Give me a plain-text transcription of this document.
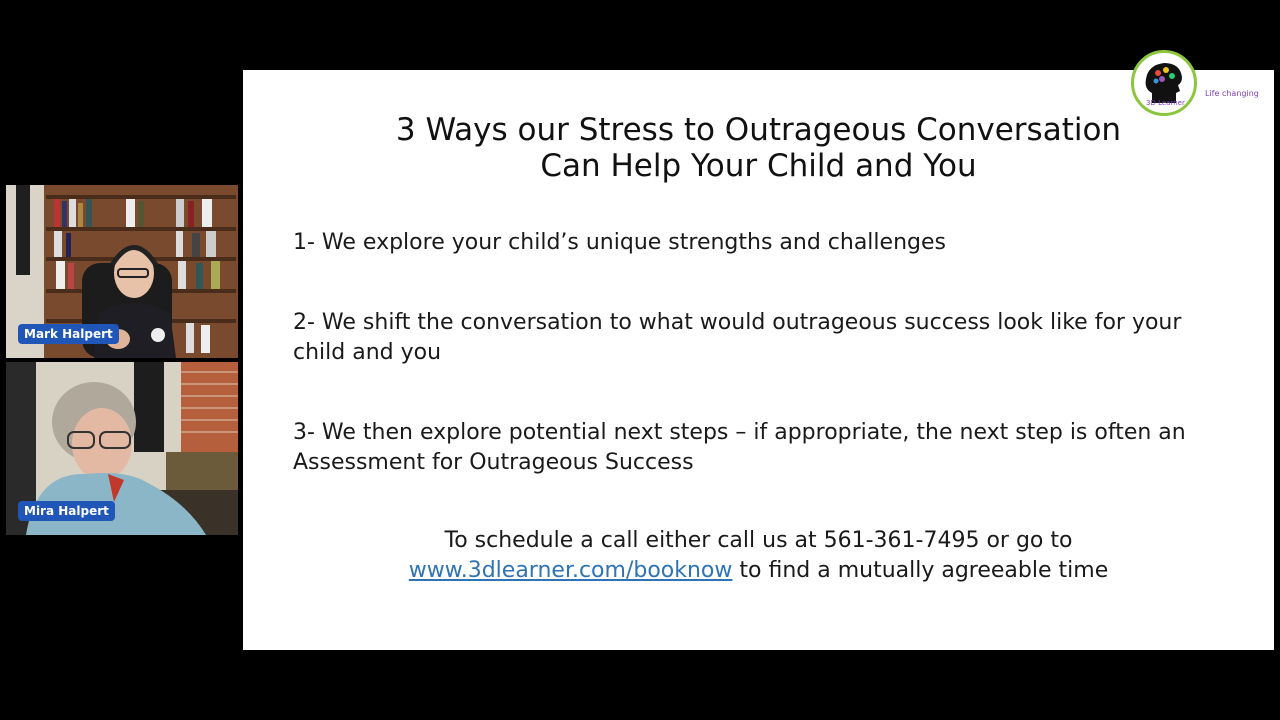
Mark Halpert
Mira Halpert
3D Learner
Life changing
3 Ways our Stress to Outrageous Conversation
Can Help Your Child and You
1- We explore your child’s unique strengths and challenges
2- We shift the conversation to what would outrageous success look like for your child and you
3- We then explore potential next steps – if appropriate, the next step is often an Assessment for Outrageous Success
To schedule a call either call us at 561-361-7495 or go to
www.3dlearner.com/booknow to find a mutually agreeable time
